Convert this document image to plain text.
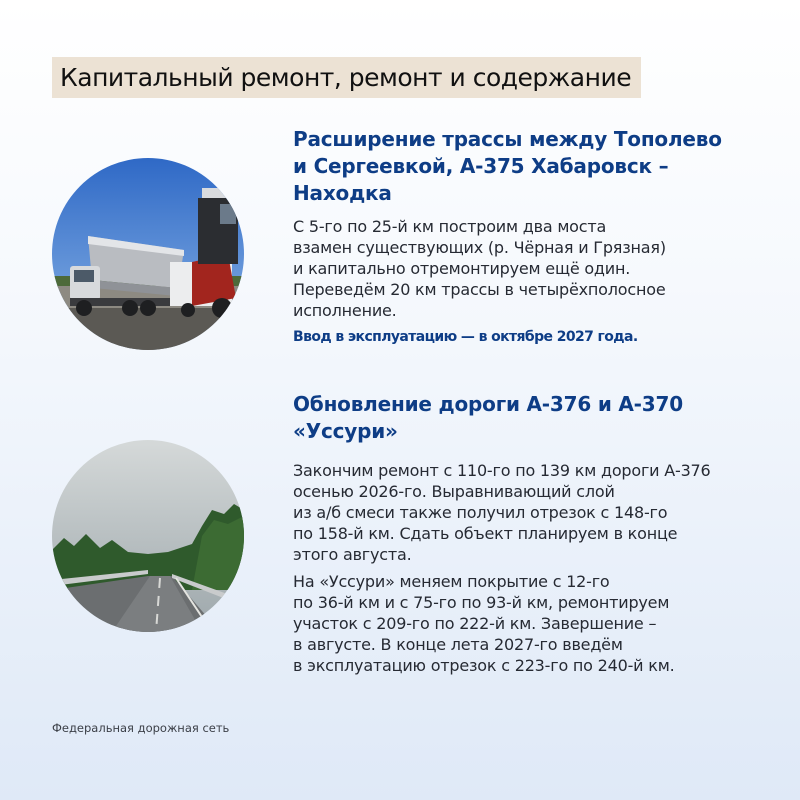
Капитальный ремонт, ремонт и содержание

Расширение трассы между Тополево
и Сергеевкой, А-375 Хабаровск –
Находка

С 5-го по 25-й км построим два моста
взамен существующих (р. Чёрная и Грязная)
и капитально отремонтируем ещё один.
Переведём 20 км трассы в четырёхполосное
исполнение.

Ввод в эксплуатацию — в октябре 2027 года.

Обновление дороги А-376 и А-370
«Уссури»

Закончим ремонт с 110-го по 139 км дороги А-376
осенью 2026-го. Выравнивающий слой
из а/б смеси также получил отрезок с 148-го
по 158-й км. Сдать объект планируем в конце
этого августа.

На «Уссури» меняем покрытие с 12-го
по 36-й км и с 75-го по 93-й км, ремонтируем
участок с 209-го по 222-й км. Завершение –
в августе. В конце лета 2027-го введём
в эксплуатацию отрезок с 223-го по 240-й км.

Федеральная дорожная сеть
